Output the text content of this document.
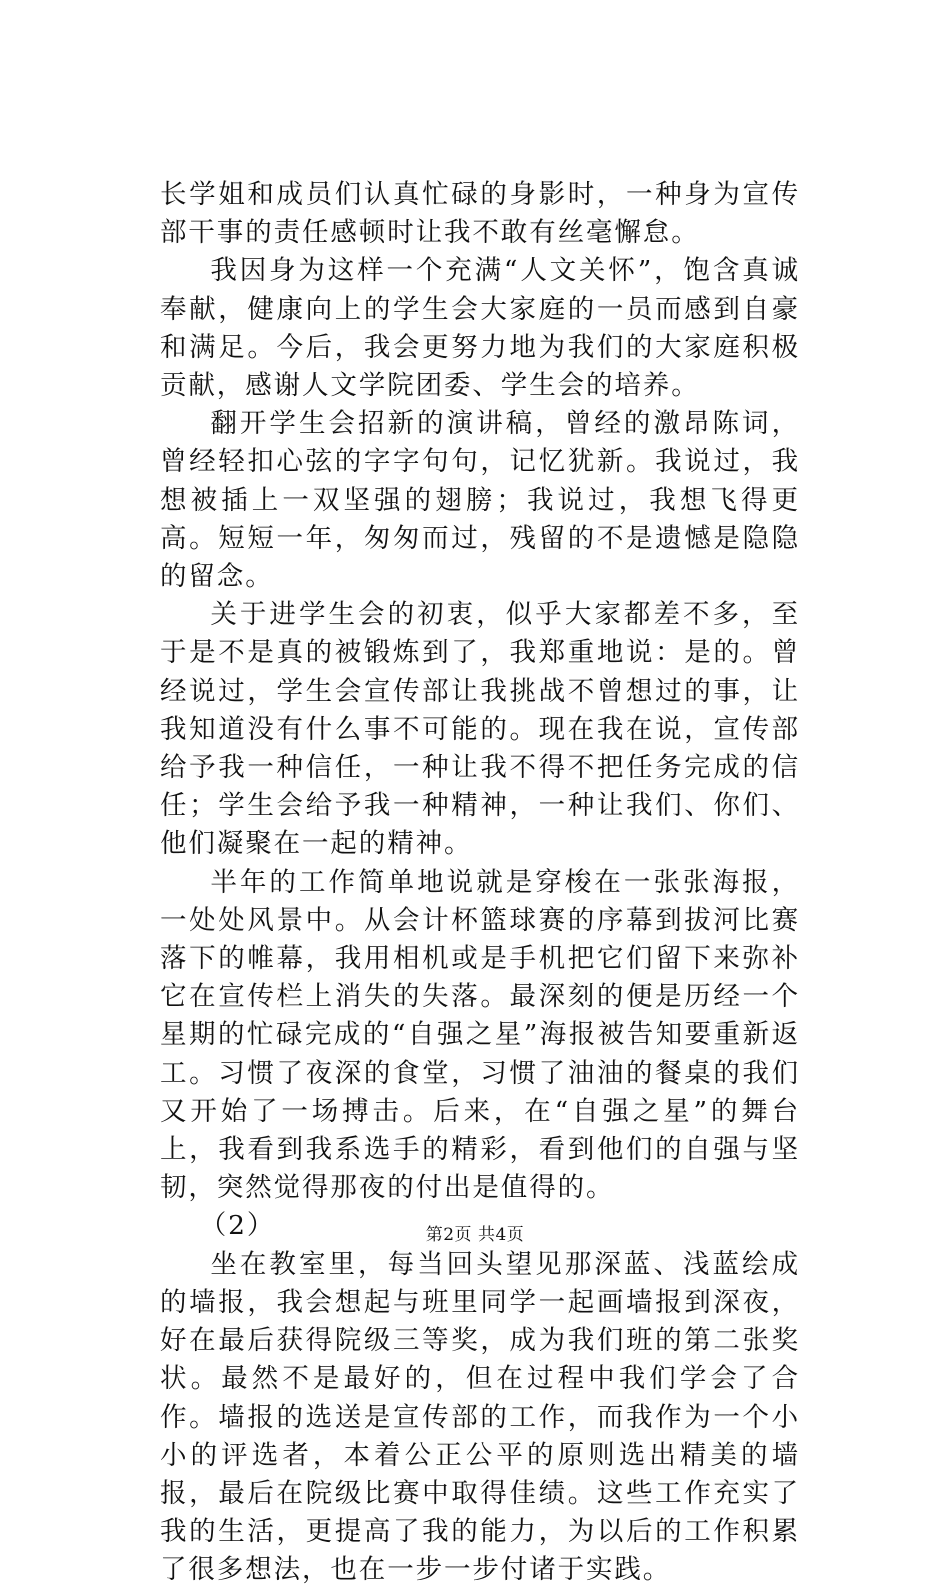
长学姐和成员们认真忙碌的身影时，一种身为宣传部干事的责任感顿时让我不敢有丝毫懈怠。

我因身为这样一个充满“人文关怀”，饱含真诚奉献，健康向上的学生会大家庭的一员而感到自豪和满足。今后，我会更努力地为我们的大家庭积极贡献，感谢人文学院团委、学生会的培养。

翻开学生会招新的演讲稿，曾经的激昂陈词，曾经轻扣心弦的字字句句，记忆犹新。我说过，我想被插上一双坚强的翅膀；我说过，我想飞得更高。短短一年，匆匆而过，残留的不是遗憾是隐隐的留念。

关于进学生会的初衷，似乎大家都差不多，至于是不是真的被锻炼到了，我郑重地说：是的。曾经说过，学生会宣传部让我挑战不曾想过的事，让我知道没有什么事不可能的。现在我在说，宣传部给予我一种信任，一种让我不得不把任务完成的信任；学生会给予我一种精神，一种让我们、你们、他们凝聚在一起的精神。

半年的工作简单地说就是穿梭在一张张海报，一处处风景中。从会计杯篮球赛的序幕到拔河比赛落下的帷幕，我用相机或是手机把它们留下来弥补它在宣传栏上消失的失落。最深刻的便是历经一个星期的忙碌完成的“自强之星”海报被告知要重新返工。习惯了夜深的食堂，习惯了油油的餐桌的我们又开始了一场搏击。后来，在“自强之星”的舞台上，我看到我系选手的精彩，看到他们的自强与坚韧，突然觉得那夜的付出是值得的。

（2）

坐在教室里，每当回头望见那深蓝、浅蓝绘成的墙报，我会想起与班里同学一起画墙报到深夜，好在最后获得院级三等奖，成为我们班的第二张奖状。最然不是最好的，但在过程中我们学会了合作。墙报的选送是宣传部的工作，而我作为一个小小的评选者，本着公正公平的原则选出精美的墙报，最后在院级比赛中取得佳绩。这些工作充实了我的生活，更提高了我的能力，为以后的工作积累了很多想法，也在一步一步付诸于实践。

第2页 共4页
